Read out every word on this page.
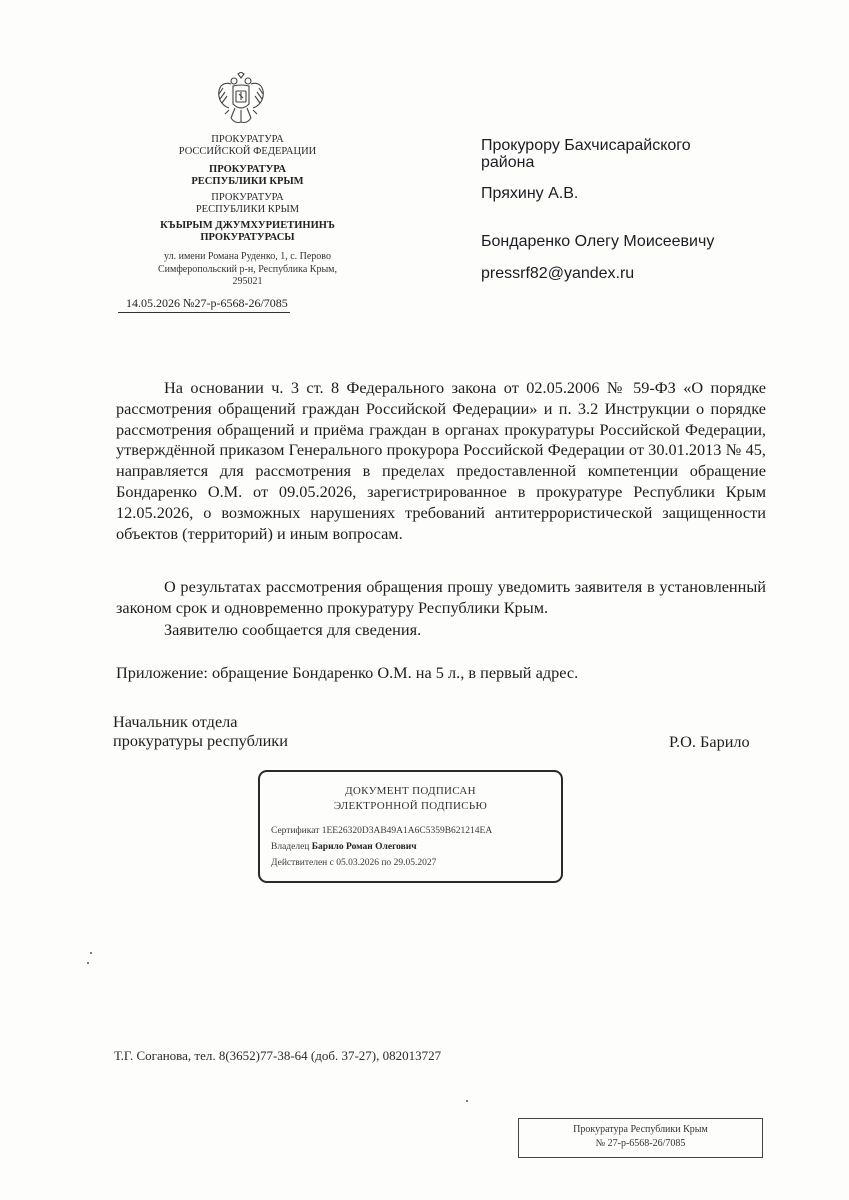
ПРОКУРАТУРА
РОССИЙСКОЙ ФЕДЕРАЦИИ
ПРОКУРАТУРА
РЕСПУБЛИКИ КРЫМ
ПРОКУРАТУРА
РЕСПУБЛИКИ КРЫМ
КЪЫРЫМ ДЖУМХУРИЕТИНИНЪ
ПРОКУРАТУРАСЫ
ул. имени Романа Руденко, 1, с. Перово
Симферопольский р-н, Республика Крым,
295021
14.05.2026 №27-р-6568-26/7085
Прокурору Бахчисарайского
района
Пряхину А.В.
Бондаренко Олегу Моисеевичу
pressrf82@yandex.ru

На основании ч. 3 ст. 8 Федерального закона от 02.05.2006 № 59-ФЗ «О порядке рассмотрения обращений граждан Российской Федерации» и п. 3.2 Инструкции о порядке рассмотрения обращений и приёма граждан в органах прокуратуры Российской Федерации, утверждённой приказом Генерального прокурора Российской Федерации от 30.01.2013 № 45, направляется для рассмотрения в пределах предоставленной компетенции обращение Бондаренко О.М. от 09.05.2026, зарегистрированное в прокуратуре Республики Крым 12.05.2026, о возможных нарушениях требований антитеррористической защищенности объектов (территорий) и иным вопросам.

О результатах рассмотрения обращения прошу уведомить заявителя в установленный законом срок и одновременно прокуратуру Республики Крым.

Заявителю сообщается для сведения.

Приложение: обращение Бондаренко О.М. на 5 л., в первый адрес.

Начальник отдела
прокуратуры республики	Р.О. Барило
ДОКУМЕНТ ПОДПИСАН
ЭЛЕКТРОННОЙ ПОДПИСЬЮ
Сертификат 1EE26320D3AB49A1A6C5359B621214EA
Владелец Барило Роман Олегович
Действителен с 05.03.2026 по 29.05.2027
Т.Г. Соганова, тел. 8(3652)77-38-64 (доб. 37-27), 082013727
Прокуратура Республики Крым
№ 27-р-6568-26/7085
